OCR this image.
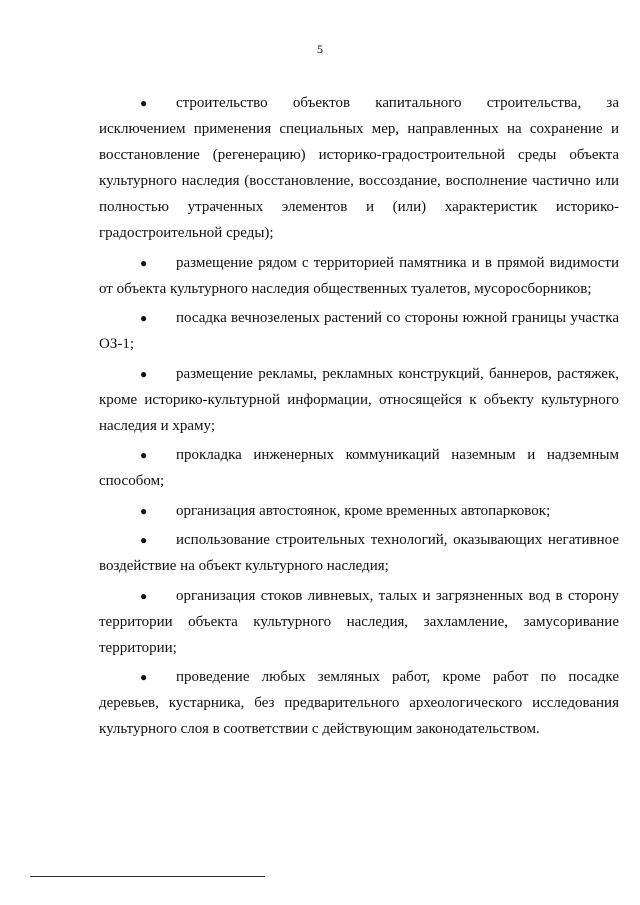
5
● строительство объектов капитального строительства, за исключением применения специальных мер, направленных на сохранение и восстановление (регенерацию) историко-градостроительной среды объекта культурного наследия (восстановление, воссоздание, восполнение частично или полностью утраченных элементов и (или) характеристик историко-градостроительной среды);
● размещение рядом с территорией памятника и в прямой видимости от объекта культурного наследия общественных туалетов, мусоросборников;
● посадка вечнозеленых растений со стороны южной границы участка ОЗ-1;
● размещение рекламы, рекламных конструкций, баннеров, растяжек, кроме историко-культурной информации, относящейся к объекту культурного наследия и храму;
● прокладка инженерных коммуникаций наземным и надземным способом;
● организация автостоянок, кроме временных автопарковок;
● использование строительных технологий, оказывающих негативное воздействие на объект культурного наследия;
● организация стоков ливневых, талых и загрязненных вод в сторону территории объекта культурного наследия, захламление, замусоривание территории;
● проведение любых земляных работ, кроме работ по посадке деревьев, кустарника, без предварительного археологического исследования культурного слоя в соответствии с действующим законодательством.
